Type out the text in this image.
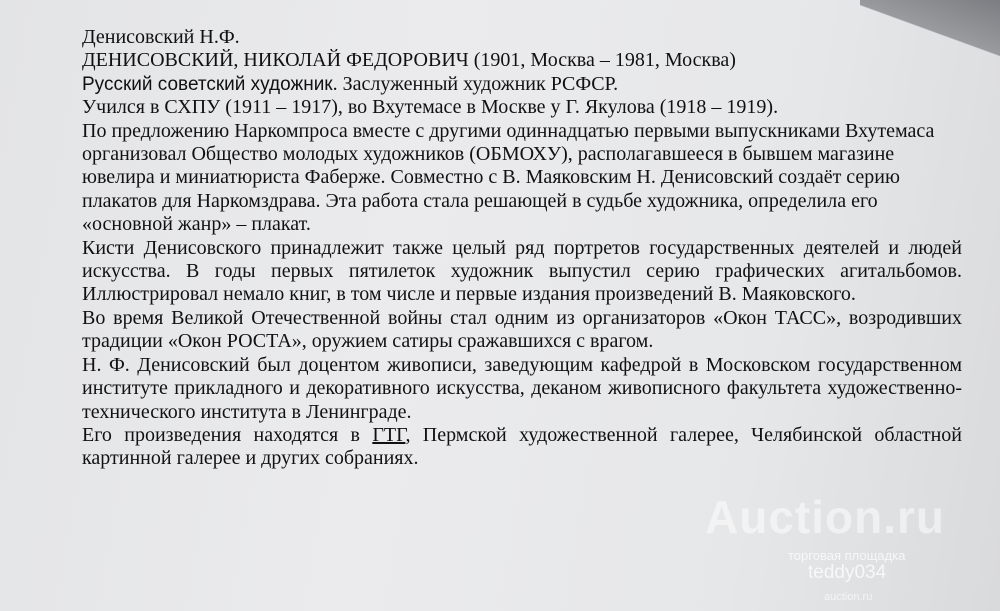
Денисовский Н.Ф.

ДЕНИСОВСКИЙ, НИКОЛАЙ ФЕДОРОВИЧ (1901, Москва – 1981, Москва)

Русский советский художник. Заслуженный художник РСФСР.

Учился в СХПУ (1911 – 1917), во Вхутемасе в Москве у Г. Якулова (1918 – 1919).

По предложению Наркомпроса вместе с другими одиннадцатью первыми выпускниками Вхутемаса организовал Общество молодых художников (ОБМОХУ), располагавшееся в бывшем магазине ювелира и миниатюриста Фаберже. Совместно с В. Маяковским Н. Денисовский создаёт серию плакатов для Наркомздрава. Эта работа стала решающей в судьбе художника, определила его «основной жанр» – плакат.

Кисти Денисовского принадлежит также целый ряд портретов государственных деятелей и людей искусства. В годы первых пятилеток художник выпустил серию графических агитальбомов. Иллюстрировал немало книг, в том числе и первые издания произведений В. Маяковского.

Во время Великой Отечественной войны стал одним из организаторов «Окон ТАСС», возродивших традиции «Окон РОСТА», оружием сатиры сражавшихся с врагом.

Н. Ф. Денисовский был доцентом живописи, заведующим кафедрой в Московском государственном институте прикладного и декоративного искусства, деканом живописного факультета художественно-технического института в Ленинграде.

Его произведения находятся в ГТГ, Пермской художественной галерее, Челябинской областной картинной галерее и других собраниях.

Auction.ru
торговая площадка
teddy034
auction.ru
